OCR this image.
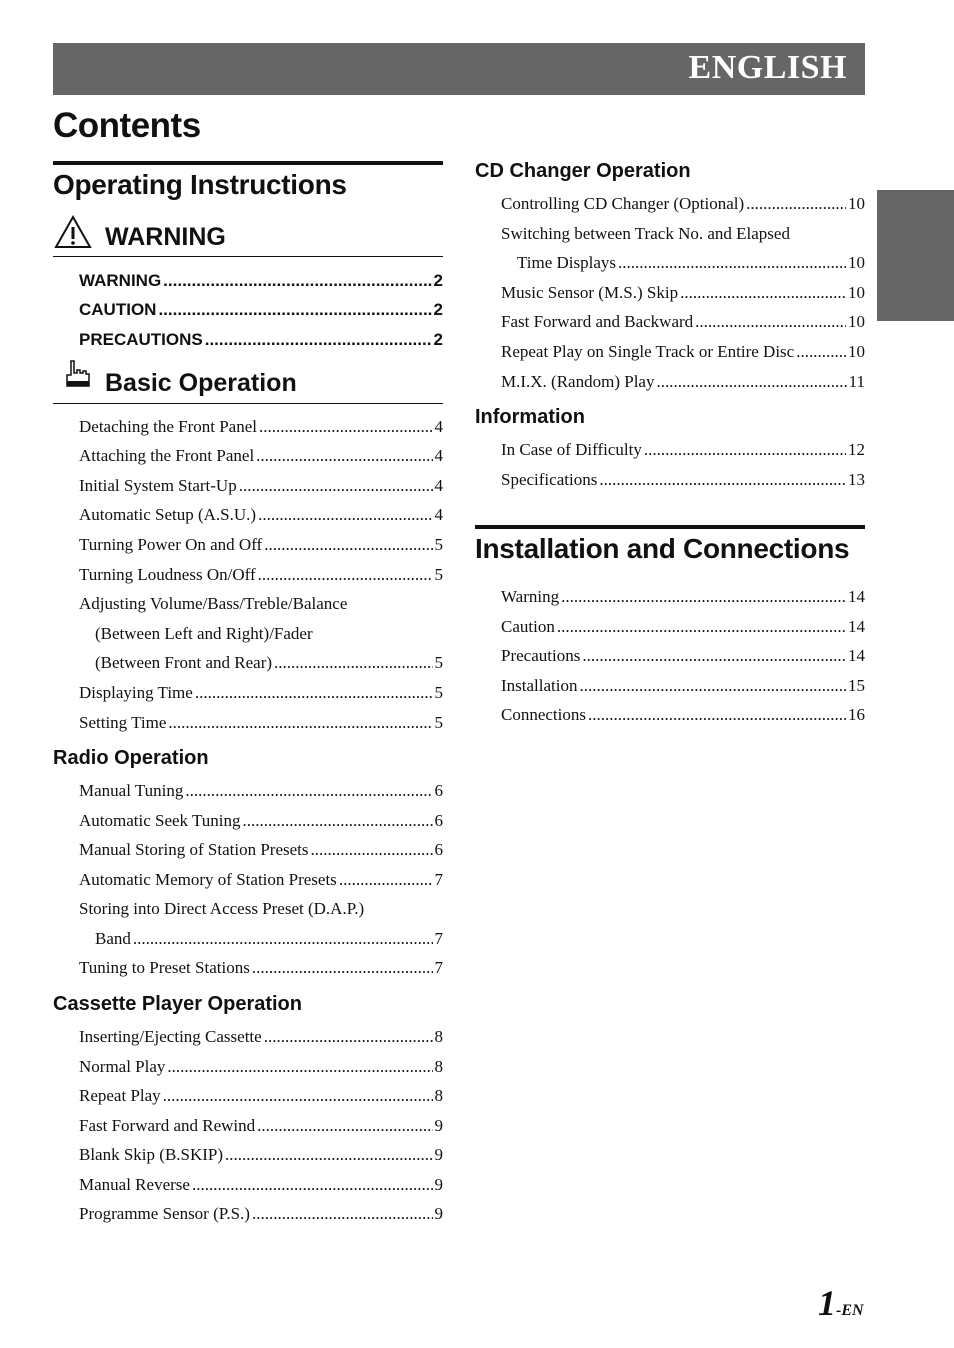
ENGLISH
Contents
Operating Instructions
WARNING
WARNING .....	2
CAUTION .....	2
PRECAUTIONS .....	2
Basic Operation
Detaching the Front Panel .....	4
Attaching the Front Panel .....	4
Initial System Start-Up .....	4
Automatic Setup (A.S.U.) .....	4
Turning Power On and Off .....	5
Turning Loudness On/Off .....	5
Adjusting Volume/Bass/Treble/Balance
(Between Left and Right)/Fader
(Between Front and Rear) .....	5
Displaying Time .....	5
Setting Time .....	5
Radio Operation
Manual Tuning .....	6
Automatic Seek Tuning .....	6
Manual Storing of Station Presets .....	6
Automatic Memory of Station Presets .....	7
Storing into Direct Access Preset (D.A.P.)
Band .....	7
Tuning to Preset Stations .....	7
Cassette Player Operation
Inserting/Ejecting Cassette .....	8
Normal Play .....	8
Repeat Play .....	8
Fast Forward and Rewind .....	9
Blank Skip (B.SKIP) .....	9
Manual Reverse .....	9
Programme Sensor (P.S.) .....	9
CD Changer Operation
Controlling CD Changer (Optional) .....	10
Switching between Track No. and Elapsed
Time Displays .....	10
Music Sensor (M.S.) Skip .....	10
Fast Forward and Backward .....	10
Repeat Play on Single Track or Entire Disc .....	10
M.I.X. (Random) Play .....	11
Information
In Case of Difficulty .....	12
Specifications .....	13
Installation and Connections
Warning .....	14
Caution .....	14
Precautions .....	14
Installation .....	15
Connections .....	16
1-EN
